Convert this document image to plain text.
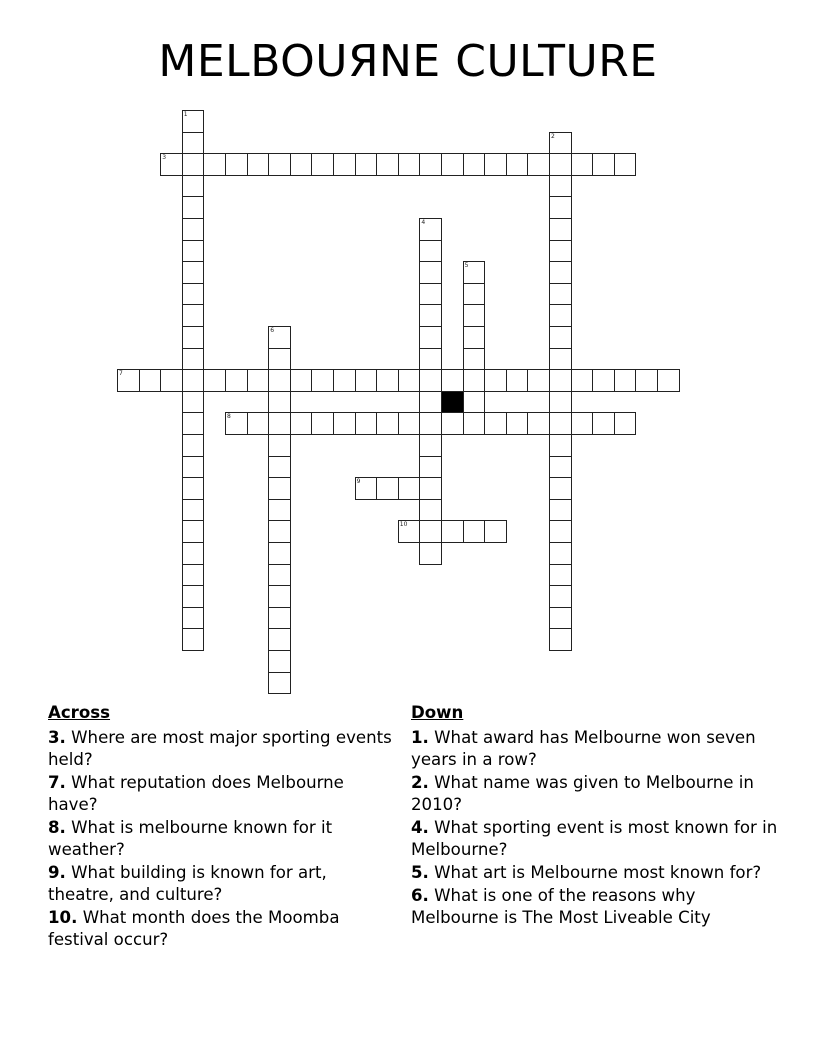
MELBOUЯNE CULTURE
1
2
3
4
5
6
7
8
9
10
Across
3. Where are most major sporting events held?
7. What reputation does Melbourne have?
8. What is melbourne known for it weather?
9. What building is known for art, theatre, and culture?
10. What month does the Moomba festival occur?
Down
1. What award has Melbourne won seven years in a row?
2. What name was given to Melbourne in 2010?
4. What sporting event is most known for in Melbourne?
5. What art is Melbourne most known for?
6. What is one of the reasons why Melbourne is The Most Liveable City
